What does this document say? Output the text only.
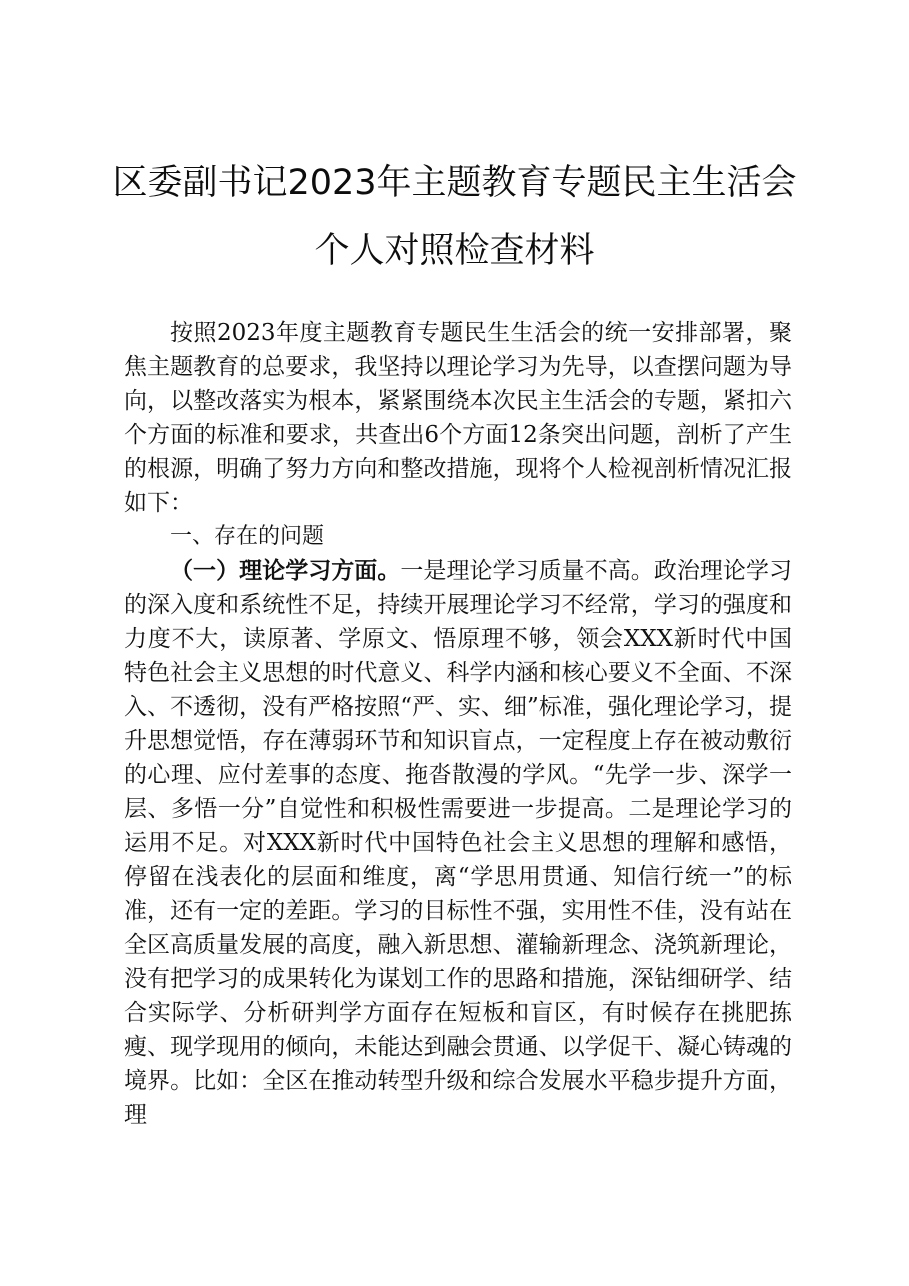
区委副书记2023年主题教育专题民主生活会
个人对照检查材料

按照2023年度主题教育专题民生生活会的统一安排部署，聚焦主题教育的总要求，我坚持以理论学习为先导，以查摆问题为导向，以整改落实为根本，紧紧围绕本次民主生活会的专题，紧扣六个方面的标准和要求，共查出6个方面12条突出问题，剖析了产生的根源，明确了努力方向和整改措施，现将个人检视剖析情况汇报如下：

一、存在的问题

（一）理论学习方面。一是理论学习质量不高。政治理论学习的深入度和系统性不足，持续开展理论学习不经常，学习的强度和力度不大，读原著、学原文、悟原理不够，领会XXX新时代中国特色社会主义思想的时代意义、科学内涵和核心要义不全面、不深入、不透彻，没有严格按照“严、实、细”标准，强化理论学习，提升思想觉悟，存在薄弱环节和知识盲点，一定程度上存在被动敷衍的心理、应付差事的态度、拖沓散漫的学风。“先学一步、深学一层、多悟一分”自觉性和积极性需要进一步提高。二是理论学习的运用不足。对XXX新时代中国特色社会主义思想的理解和感悟，停留在浅表化的层面和维度，离“学思用贯通、知信行统一”的标准，还有一定的差距。学习的目标性不强，实用性不佳，没有站在全区高质量发展的高度，融入新思想、灌输新理念、浇筑新理论，没有把学习的成果转化为谋划工作的思路和措施，深钻细研学、结合实际学、分析研判学方面存在短板和盲区，有时候存在挑肥拣瘦、现学现用的倾向，未能达到融会贯通、以学促干、凝心铸魂的境界。比如：全区在推动转型升级和综合发展水平稳步提升方面，理
